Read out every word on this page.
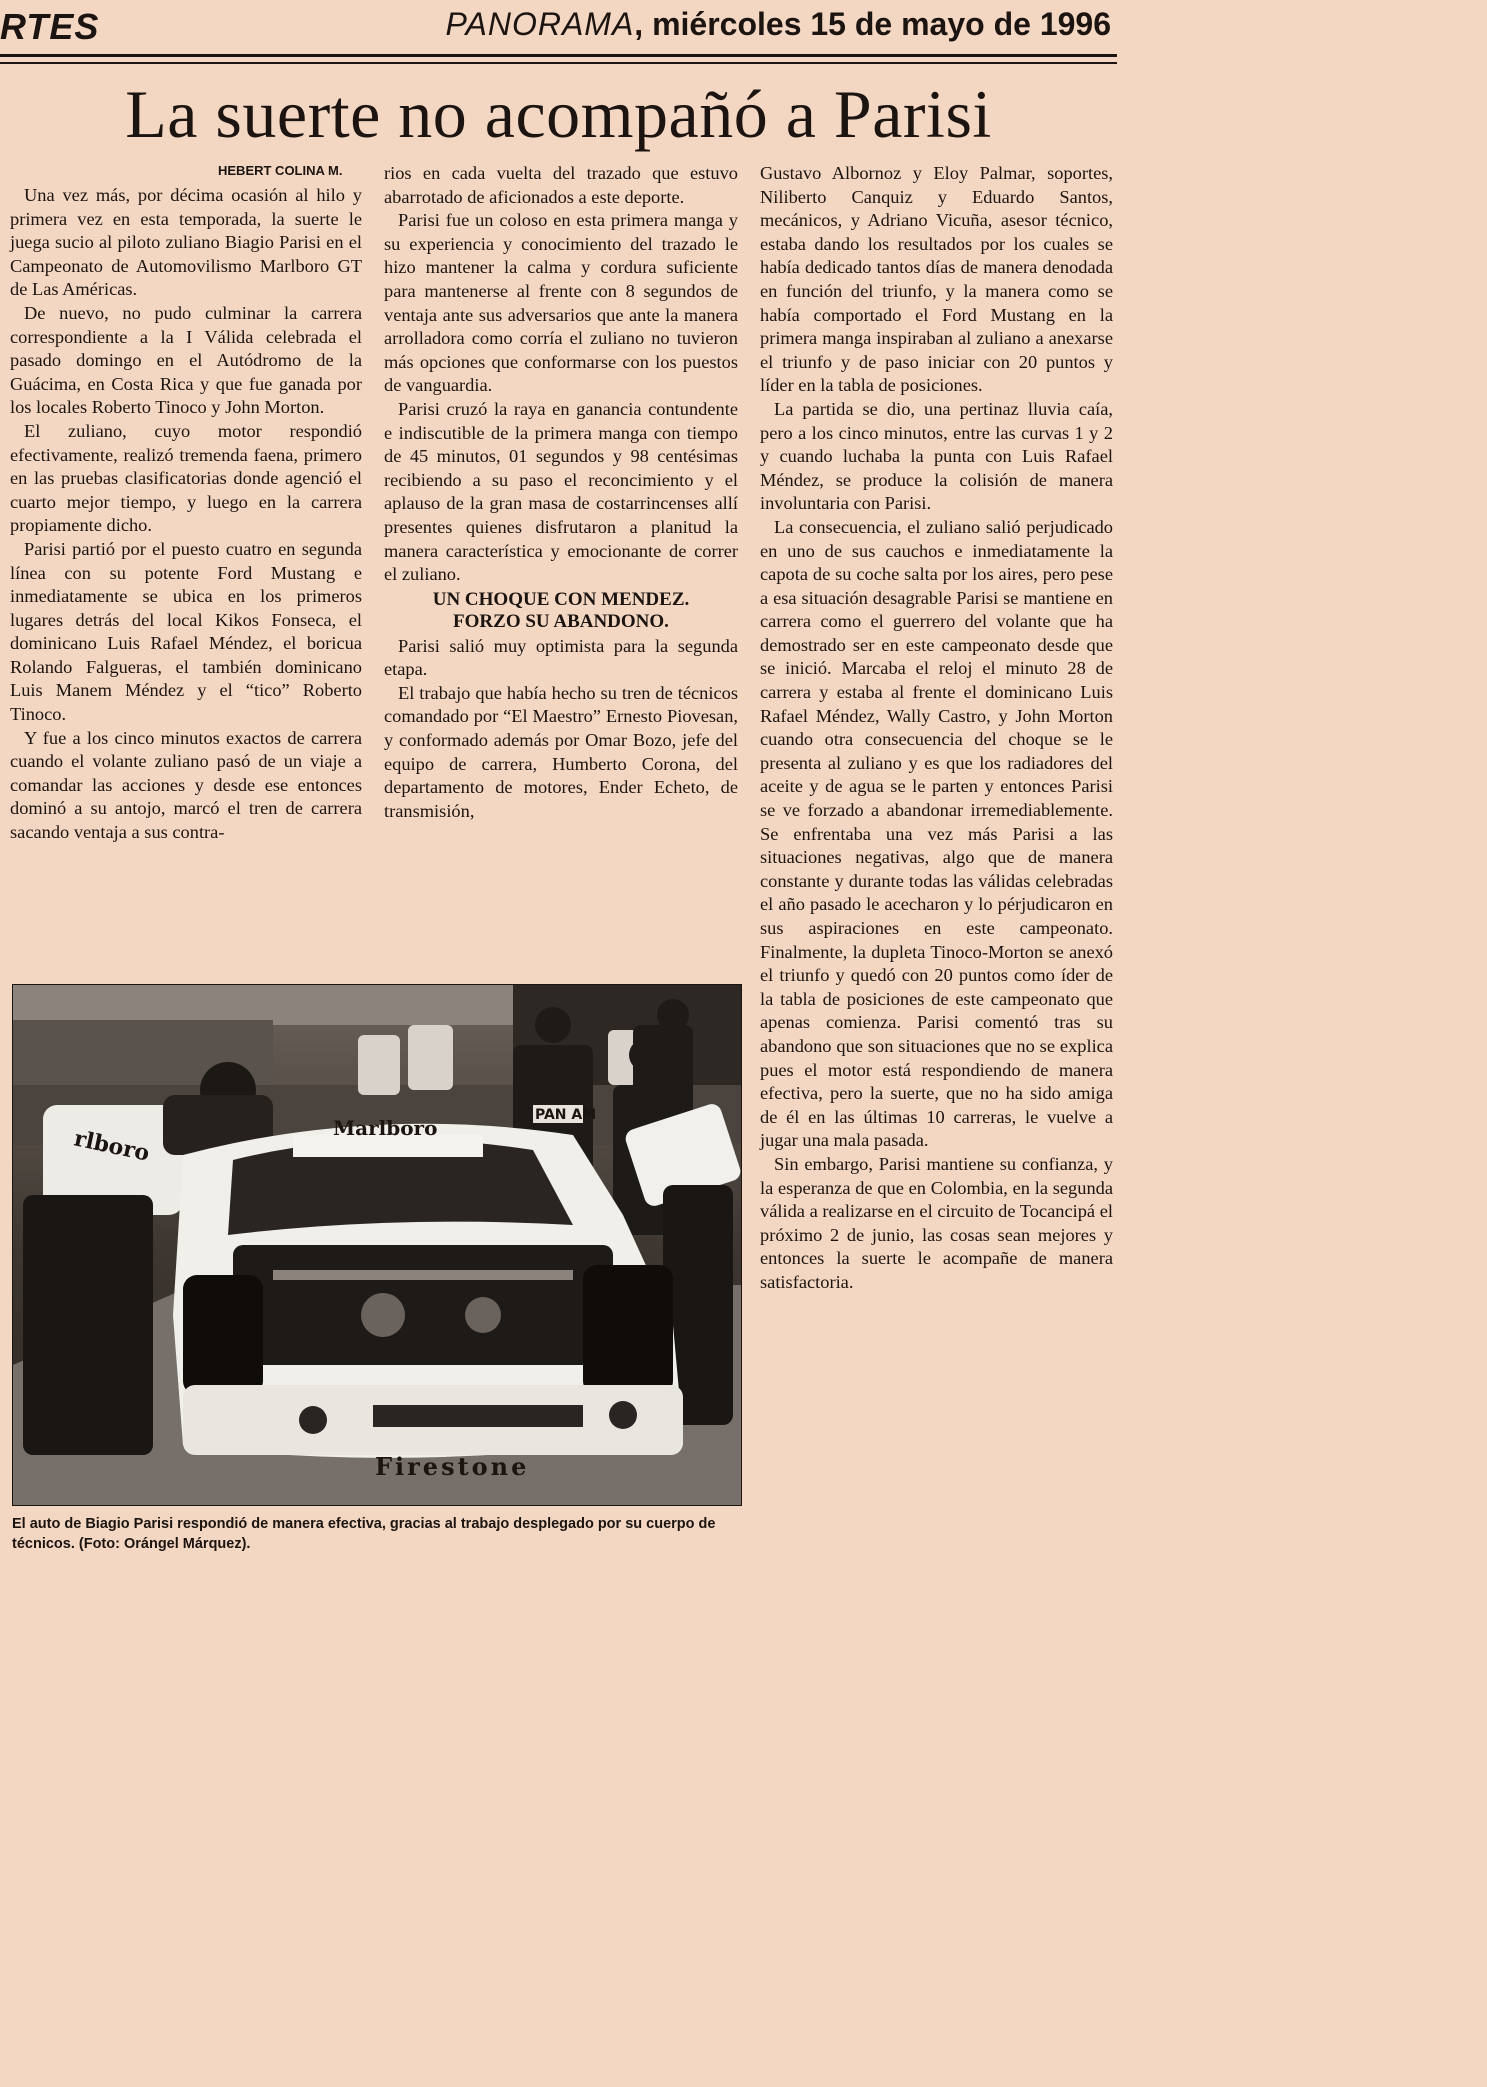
RTES	PANORAMA, miércoles 15 de mayo de 1996
La suerte no acompañó a Parisi
HEBERT COLINA M.

Una vez más, por décima ocasión al hilo y primera vez en esta temporada, la suerte le juega sucio al piloto zuliano Biagio Parisi en el Campeonato de Automovilismo Marlboro GT de Las Américas.

De nuevo, no pudo culminar la carrera correspondiente a la I Válida celebrada el pasado domingo en el Autódromo de la Guácima, en Costa Rica y que fue ganada por los locales Roberto Tinoco y John Morton.

El zuliano, cuyo motor respondió efectivamente, realizó tremenda faena, primero en las pruebas clasificatorias donde agenció el cuarto mejor tiempo, y luego en la carrera propiamente dicho.

Parisi partió por el puesto cuatro en segunda línea con su potente Ford Mustang e inmediatamente se ubica en los primeros lugares detrás del local Kikos Fonseca, el dominicano Luis Rafael Méndez, el boricua Rolando Falgueras, el también dominicano Luis Manem Méndez y el “tico” Roberto Tinoco.

Y fue a los cinco minutos exactos de carrera cuando el volante zuliano pasó de un viaje a comandar las acciones y desde ese entonces dominó a su antojo, marcó el tren de carrera sacando ventaja a sus contra-

rios en cada vuelta del trazado que estuvo abarrotado de aficionados a este deporte.

Parisi fue un coloso en esta primera manga y su experiencia y conocimiento del trazado le hizo mantener la calma y cordura suficiente para mantenerse al frente con 8 segundos de ventaja ante sus adversarios que ante la manera arrolladora como corría el zuliano no tuvieron más opciones que conformarse con los puestos de vanguardia.

Parisi cruzó la raya en ganancia contundente e indiscutible de la primera manga con tiempo de 45 minutos, 01 segundos y 98 centésimas recibiendo a su paso el reconcimiento y el aplauso de la gran masa de costarrincenses allí presentes quienes disfrutaron a planitud la manera característica y emocionante de correr el zuliano.

UN CHOQUE CON MENDEZ.
FORZO SU ABANDONO.

Parisi salió muy optimista para la segunda etapa.

El trabajo que había hecho su tren de técnicos comandado por “El Maestro” Ernesto Piovesan, y conformado además por Omar Bozo, jefe del equipo de carrera, Humberto Corona, del departamento de motores, Ender Echeto, de transmisión,

Gustavo Albornoz y Eloy Palmar, soportes, Niliberto Canquiz y Eduardo Santos, mecánicos, y Adriano Vicuña, asesor técnico, estaba dando los resultados por los cuales se había dedicado tantos días de manera denodada en función del triunfo, y la manera como se había comportado el Ford Mustang en la primera manga inspiraban al zuliano a anexarse el triunfo y de paso iniciar con 20 puntos y líder en la tabla de posiciones.

La partida se dio, una pertinaz lluvia caía, pero a los cinco minutos, entre las curvas 1 y 2 y cuando luchaba la punta con Luis Rafael Méndez, se produce la colisión de manera involuntaria con Parisi.

La consecuencia, el zuliano salió perjudicado en uno de sus cauchos e inmediatamente la capota de su coche salta por los aires, pero pese a esa situación desagrable Parisi se mantiene en carrera como el guerrero del volante que ha demostrado ser en este campeonato desde que se inició. Marcaba el reloj el minuto 28 de carrera y estaba al frente el dominicano Luis Rafael Méndez, Wally Castro, y John Morton cuando otra consecuencia del choque se le presenta al zuliano y es que los radiadores del aceite y de agua se le parten y entonces Parisi se ve forzado a abandonar irremediablemente. Se enfrentaba una vez más Parisi a las situaciones negativas, algo que de manera constante y durante todas las válidas celebradas el año pasado le acecharon y lo pérjudicaron en sus aspiraciones en este campeonato. Finalmente, la dupleta Tinoco-Morton se anexó el triunfo y quedó con 20 puntos como íder de la tabla de posiciones de este campeonato que apenas comienza. Parisi comentó tras su abandono que son situaciones que no se explica pues el motor está respondiendo de manera efectiva, pero la suerte, que no ha sido amiga de él en las últimas 10 carreras, le vuelve a jugar una mala pasada.

Sin embargo, Parisi mantiene su confianza, y la esperanza de que en Colombia, en la segunda válida a realizarse en el circuito de Tocancipá el próximo 2 de junio, las cosas sean mejores y entonces la suerte le acompañe de manera satisfactoria.

Marlboro
Firestone
PAN AM
rlboro
El auto de Biagio Parisi respondió de manera efectiva, gracias al trabajo desplegado por su cuerpo de técnicos. (Foto: Orángel Márquez).
